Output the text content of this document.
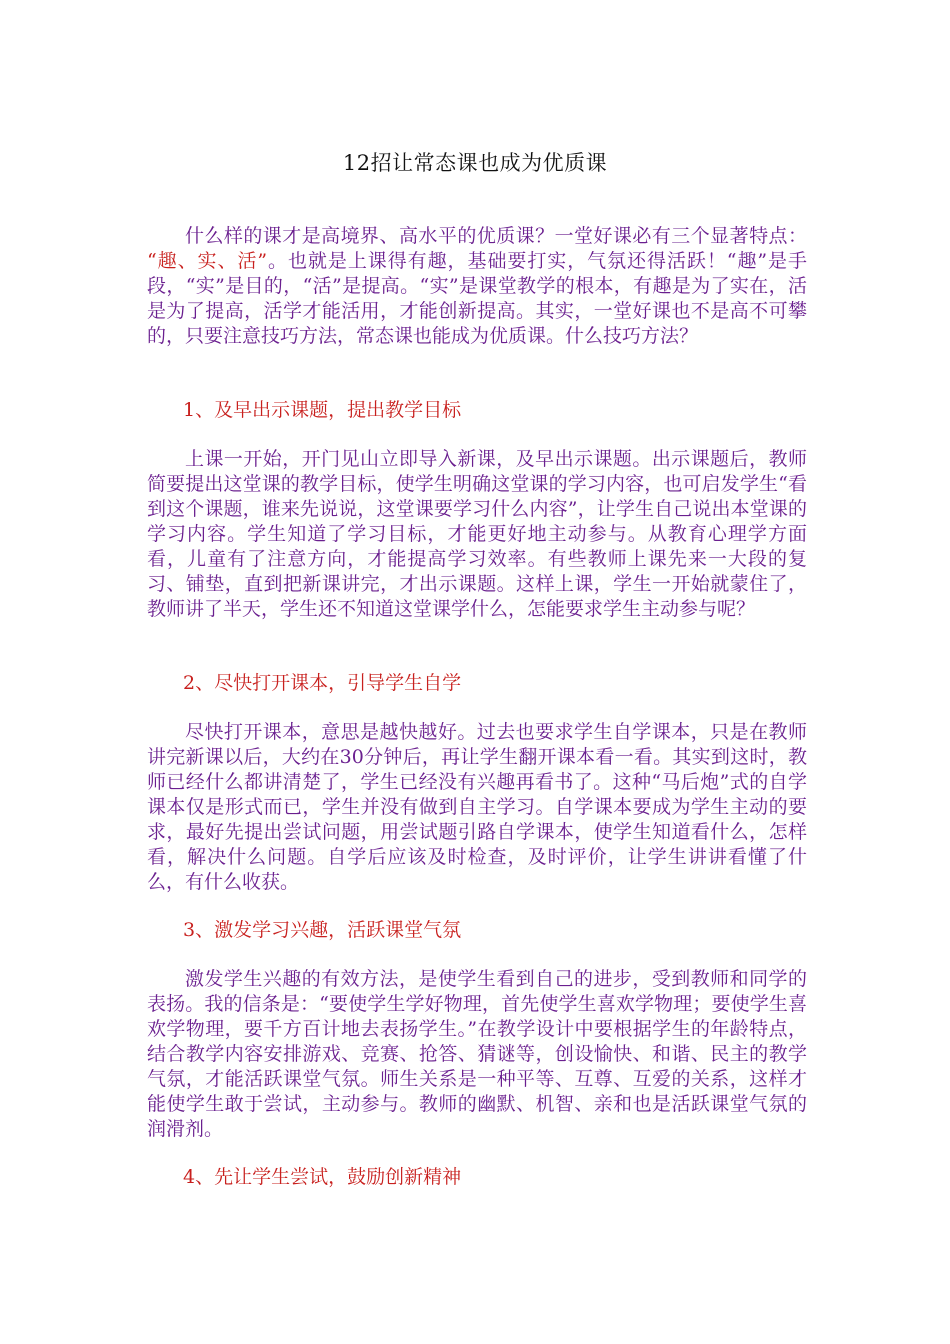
12招让常态课也成为优质课

什么样的课才是高境界、高水平的优质课？一堂好课必有三个显著特点： “趣、实、活”。也就是上课得有趣，基础要打实，气氛还得活跃！“趣”是手段，“实”是目的，“活”是提高。“实”是课堂教学的根本，有趣是为了实在，活是为了提高，活学才能活用，才能创新提高。其实，一堂好课也不是高不可攀的，只要注意技巧方法，常态课也能成为优质课。什么技巧方法？

1、及早出示课题，提出教学目标

上课一开始，开门见山立即导入新课，及早出示课题。出示课题后，教师简要提出这堂课的教学目标，使学生明确这堂课的学习内容，也可启发学生“看到这个课题，谁来先说说，这堂课要学习什么内容”，让学生自己说出本堂课的学习内容。学生知道了学习目标，才能更好地主动参与。从教育心理学方面看，儿童有了注意方向，才能提高学习效率。有些教师上课先来一大段的复习、铺垫，直到把新课讲完，才出示课题。这样上课，学生一开始就蒙住了，教师讲了半天，学生还不知道这堂课学什么，怎能要求学生主动参与呢？

2、尽快打开课本，引导学生自学

尽快打开课本，意思是越快越好。过去也要求学生自学课本，只是在教师讲完新课以后，大约在30分钟后，再让学生翻开课本看一看。其实到这时，教师已经什么都讲清楚了，学生已经没有兴趣再看书了。这种“马后炮”式的自学课本仅是形式而已，学生并没有做到自主学习。自学课本要成为学生主动的要求，最好先提出尝试问题，用尝试题引路自学课本，使学生知道看什么，怎样看，解决什么问题。自学后应该及时检查，及时评价，让学生讲讲看懂了什么，有什么收获。

3、激发学习兴趣，活跃课堂气氛

激发学生兴趣的有效方法，是使学生看到自己的进步，受到教师和同学的表扬。我的信条是：“要使学生学好物理，首先使学生喜欢学物理；要使学生喜欢学物理，要千方百计地去表扬学生。”在教学设计中要根据学生的年龄特点，结合教学内容安排游戏、竞赛、抢答、猜谜等，创设愉快、和谐、民主的教学气氛，才能活跃课堂气氛。师生关系是一种平等、互尊、互爱的关系，这样才能使学生敢于尝试，主动参与。教师的幽默、机智、亲和也是活跃课堂气氛的润滑剂。

4、先让学生尝试，鼓励创新精神
